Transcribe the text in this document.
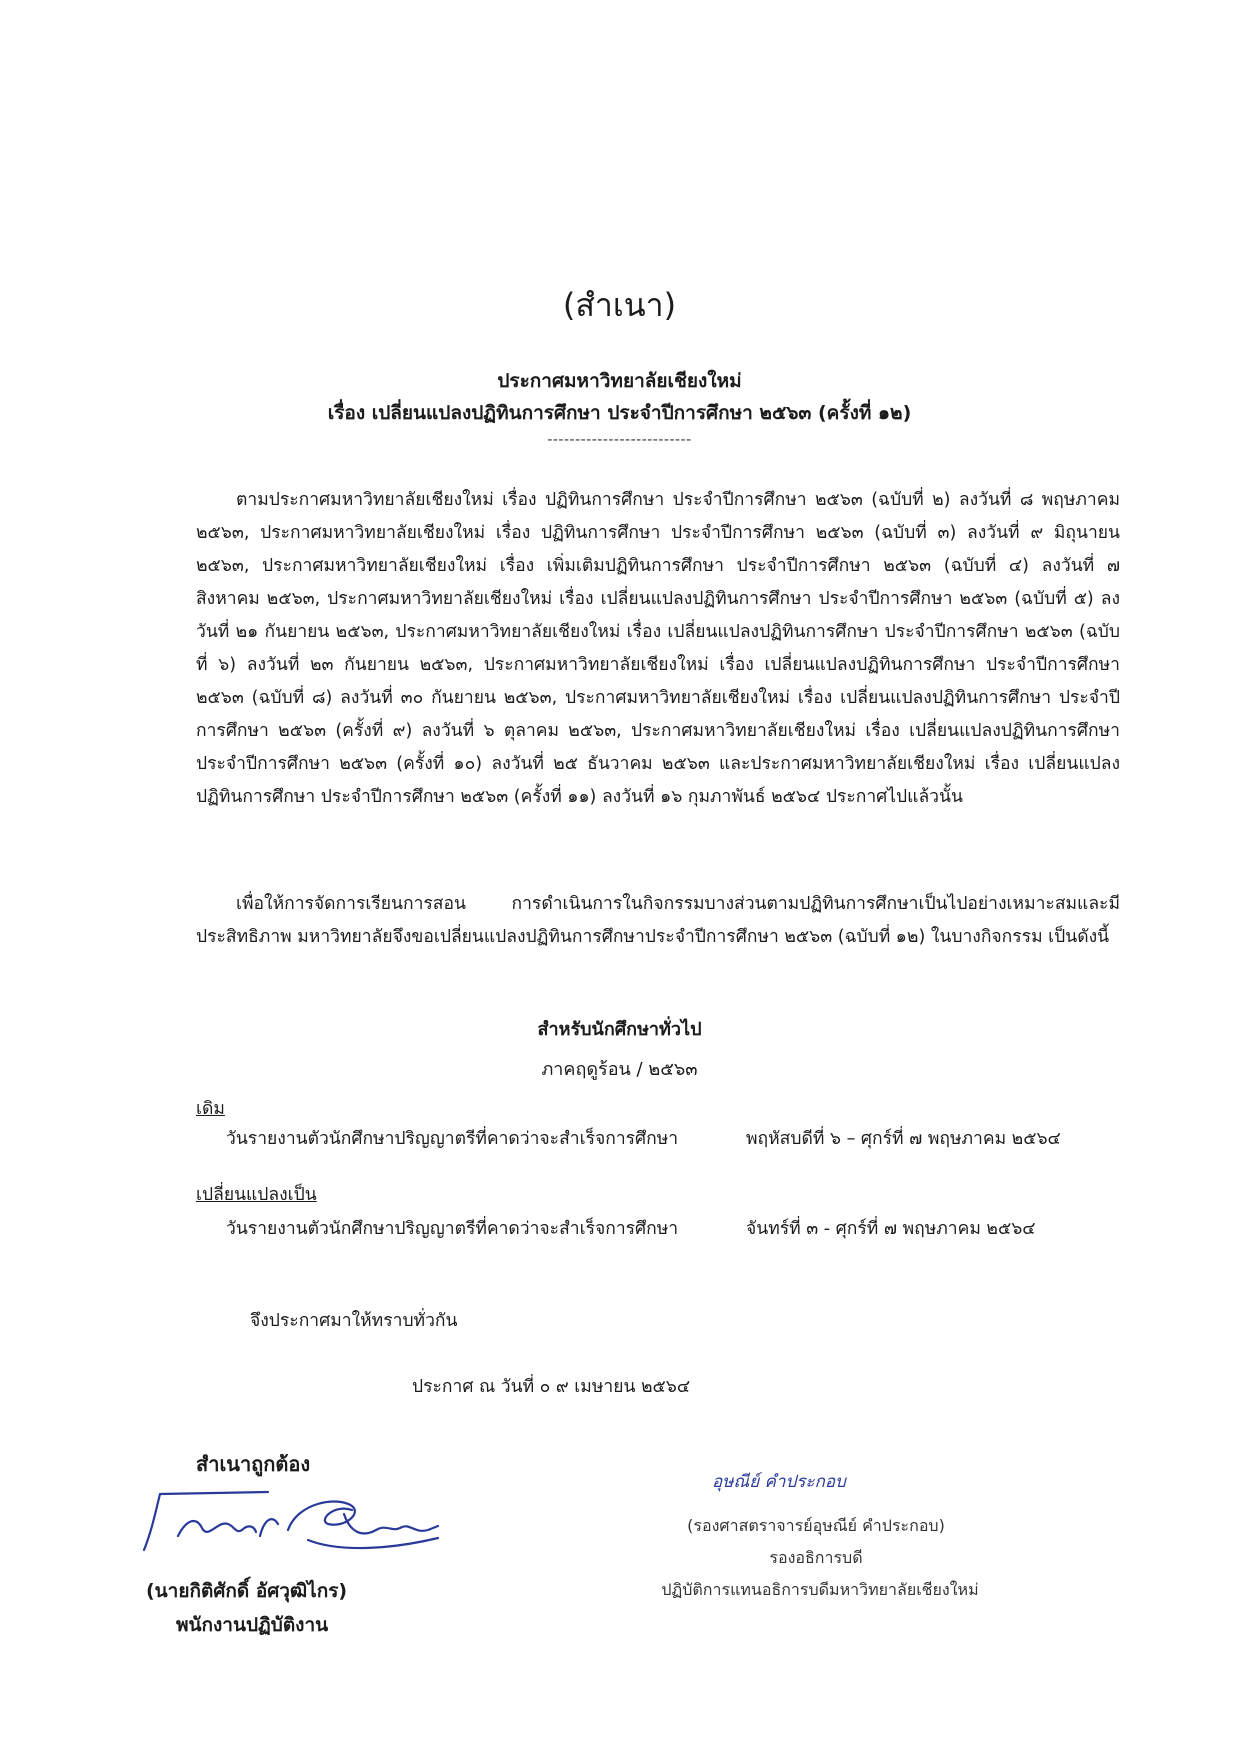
(สำเนา)

ประกาศมหาวิทยาลัยเชียงใหม่

เรื่อง เปลี่ยนแปลงปฏิทินการศึกษา ประจำปีการศึกษา ๒๕๖๓ (ครั้งที่ ๑๒)

--------------------------

ตามประกาศมหาวิทยาลัยเชียงใหม่ เรื่อง ปฏิทินการศึกษา ประจำปีการศึกษา ๒๕๖๓ (ฉบับที่ ๒) ลงวันที่ ๘ พฤษภาคม ๒๕๖๓, ประกาศมหาวิทยาลัยเชียงใหม่ เรื่อง ปฏิทินการศึกษา ประจำปีการศึกษา ๒๕๖๓ (ฉบับที่ ๓) ลงวันที่ ๙ มิถุนายน ๒๕๖๓, ประกาศมหาวิทยาลัยเชียงใหม่ เรื่อง เพิ่มเติมปฏิทินการศึกษา ประจำปีการศึกษา ๒๕๖๓ (ฉบับที่ ๔) ลงวันที่ ๗ สิงหาคม ๒๕๖๓, ประกาศมหาวิทยาลัยเชียงใหม่ เรื่อง เปลี่ยนแปลงปฏิทินการศึกษา ประจำปีการศึกษา ๒๕๖๓ (ฉบับที่ ๕) ลงวันที่ ๒๑ กันยายน ๒๕๖๓, ประกาศมหาวิทยาลัยเชียงใหม่ เรื่อง เปลี่ยนแปลงปฏิทินการศึกษา ประจำปีการศึกษา ๒๕๖๓ (ฉบับที่ ๖) ลงวันที่ ๒๓ กันยายน ๒๕๖๓, ประกาศมหาวิทยาลัยเชียงใหม่ เรื่อง เปลี่ยนแปลงปฏิทินการศึกษา ประจำปีการศึกษา ๒๕๖๓ (ฉบับที่ ๘) ลงวันที่ ๓๐ กันยายน ๒๕๖๓, ประกาศมหาวิทยาลัยเชียงใหม่ เรื่อง เปลี่ยนแปลงปฏิทินการศึกษา ประจำปีการศึกษา ๒๕๖๓ (ครั้งที่ ๙) ลงวันที่ ๖ ตุลาคม ๒๕๖๓, ประกาศมหาวิทยาลัยเชียงใหม่ เรื่อง เปลี่ยนแปลงปฏิทินการศึกษา ประจำปีการศึกษา ๒๕๖๓ (ครั้งที่ ๑๐) ลงวันที่ ๒๕ ธันวาคม ๒๕๖๓ และประกาศมหาวิทยาลัยเชียงใหม่ เรื่อง เปลี่ยนแปลงปฏิทินการศึกษา ประจำปีการศึกษา ๒๕๖๓ (ครั้งที่ ๑๑) ลงวันที่ ๑๖ กุมภาพันธ์ ๒๕๖๔ ประกาศไปแล้วนั้น

เพื่อให้การจัดการเรียนการสอน การดำเนินการในกิจกรรมบางส่วนตามปฏิทินการศึกษาเป็นไปอย่างเหมาะสมและมีประสิทธิภาพ มหาวิทยาลัยจึงขอเปลี่ยนแปลงปฏิทินการศึกษาประจำปีการศึกษา ๒๕๖๓ (ฉบับที่ ๑๒) ในบางกิจกรรม เป็นดังนี้

สำหรับนักศึกษาทั่วไป

ภาคฤดูร้อน / ๒๕๖๓

เดิม

วันรายงานตัวนักศึกษาปริญญาตรีที่คาดว่าจะสำเร็จการศึกษา	พฤหัสบดีที่ ๖ – ศุกร์ที่ ๗ พฤษภาคม ๒๕๖๔

เปลี่ยนแปลงเป็น

วันรายงานตัวนักศึกษาปริญญาตรีที่คาดว่าจะสำเร็จการศึกษา	จันทร์ที่ ๓ - ศุกร์ที่ ๗ พฤษภาคม ๒๕๖๔

จึงประกาศมาให้ทราบทั่วกัน

ประกาศ ณ วันที่ ๐ ๙ เมษายน ๒๕๖๔

สำเนาถูกต้อง

(นายกิติศักดิ์ อัศวุฒิไกร)

พนักงานปฏิบัติงาน

อุษณีย์ คำประกอบ

(รองศาสตราจารย์อุษณีย์ คำประกอบ)

รองอธิการบดี

ปฏิบัติการแทนอธิการบดีมหาวิทยาลัยเชียงใหม่
